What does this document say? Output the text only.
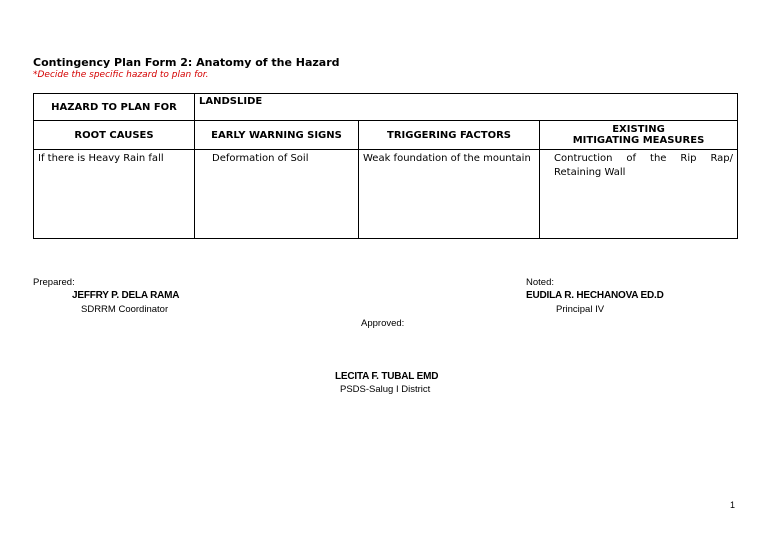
Contingency Plan Form 2: Anatomy of the Hazard
*Decide the specific hazard to plan for.
HAZARD TO PLAN FOR	LANDSLIDE		
ROOT CAUSES	EARLY WARNING SIGNS	TRIGGERING FACTORS	EXISTING
MITIGATING MEASURES

If there is Heavy Rain fall	Deformation of Soil	Weak foundation of the mountain	Contruction of the Rip Rap/ Retaining Wall
Prepared:
JEFFRY P. DELA RAMA
SDRRM Coordinator
Noted:
EUDILA R. HECHANOVA ED.D
Principal IV
Approved:
LECITA F. TUBAL EMD
PSDS-Salug I District
1
